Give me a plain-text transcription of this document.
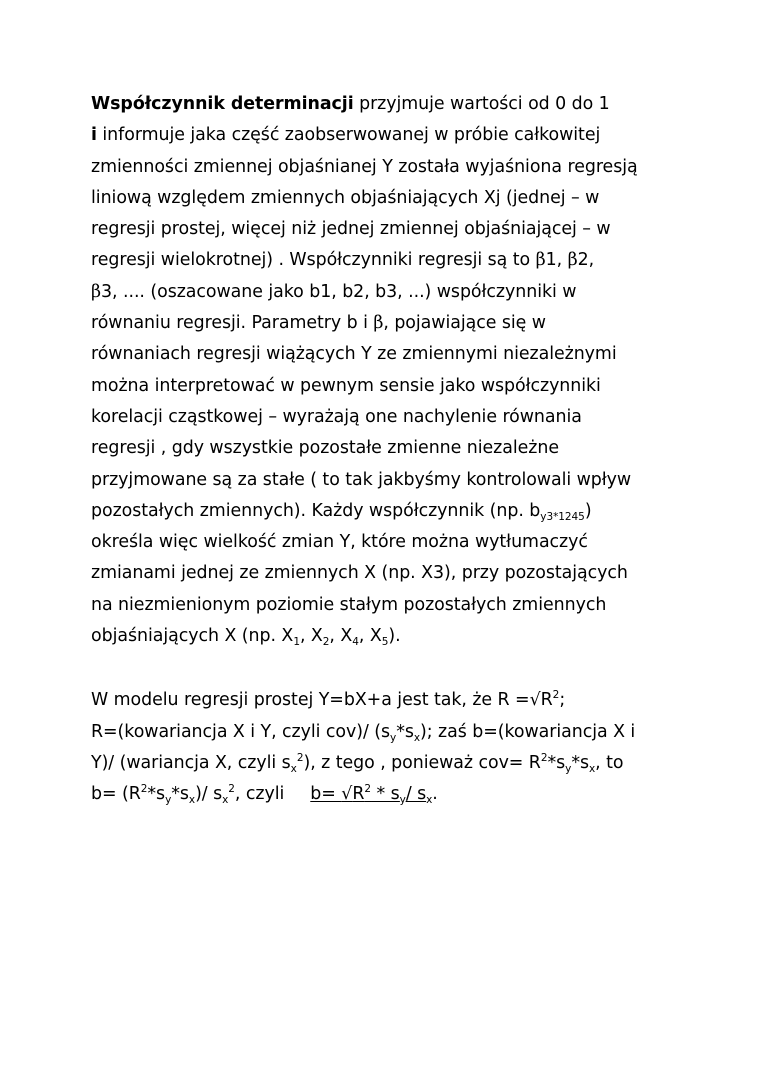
Współczynnik determinacji przyjmuje wartości od 0 do 1
i informuje jaka część zaobserwowanej w próbie całkowitej
zmienności zmiennej objaśnianej Y została wyjaśniona regresją
liniową względem zmiennych objaśniających Xj (jednej – w
regresji prostej, więcej niż jednej zmiennej objaśniającej – w
regresji wielokrotnej) . Współczynniki regresji są to β1, β2,
β3, .... (oszacowane jako b1, b2, b3, ...) współczynniki w
równaniu regresji. Parametry b i β, pojawiające się w
równaniach regresji wiążących Y ze zmiennymi niezależnymi
można interpretować w pewnym sensie jako współczynniki
korelacji cząstkowej – wyrażają one nachylenie równania
regresji , gdy wszystkie pozostałe zmienne niezależne
przyjmowane są za stałe ( to tak jakbyśmy kontrolowali wpływ
pozostałych zmiennych). Każdy współczynnik (np. $b_{y3*1245}$)
określa więc wielkość zmian Y, które można wytłumaczyć
zmianami jednej ze zmiennych X (np. X3), przy pozostających
na niezmienionym poziomie stałym pozostałych zmiennych
objaśniających X (np. $X_1$, $X_2$, $X_4$, $X_5$).
W modelu regresji prostej Y=bX+a jest tak, że $R =√R^2$;
R=(kowariancja X i Y, czyli cov)/ $(s_y*s_x)$; zaś b=(kowariancja X i
Y)/ (wariancja X, czyli $s_x^2$), z tego , ponieważ $cov= R^2*s_y*s_x$, to
$b= (R^2*s_y*s_x)/$ $s_x^2$, czyli $b= √R^2 * s_y/$ $s_x$.
